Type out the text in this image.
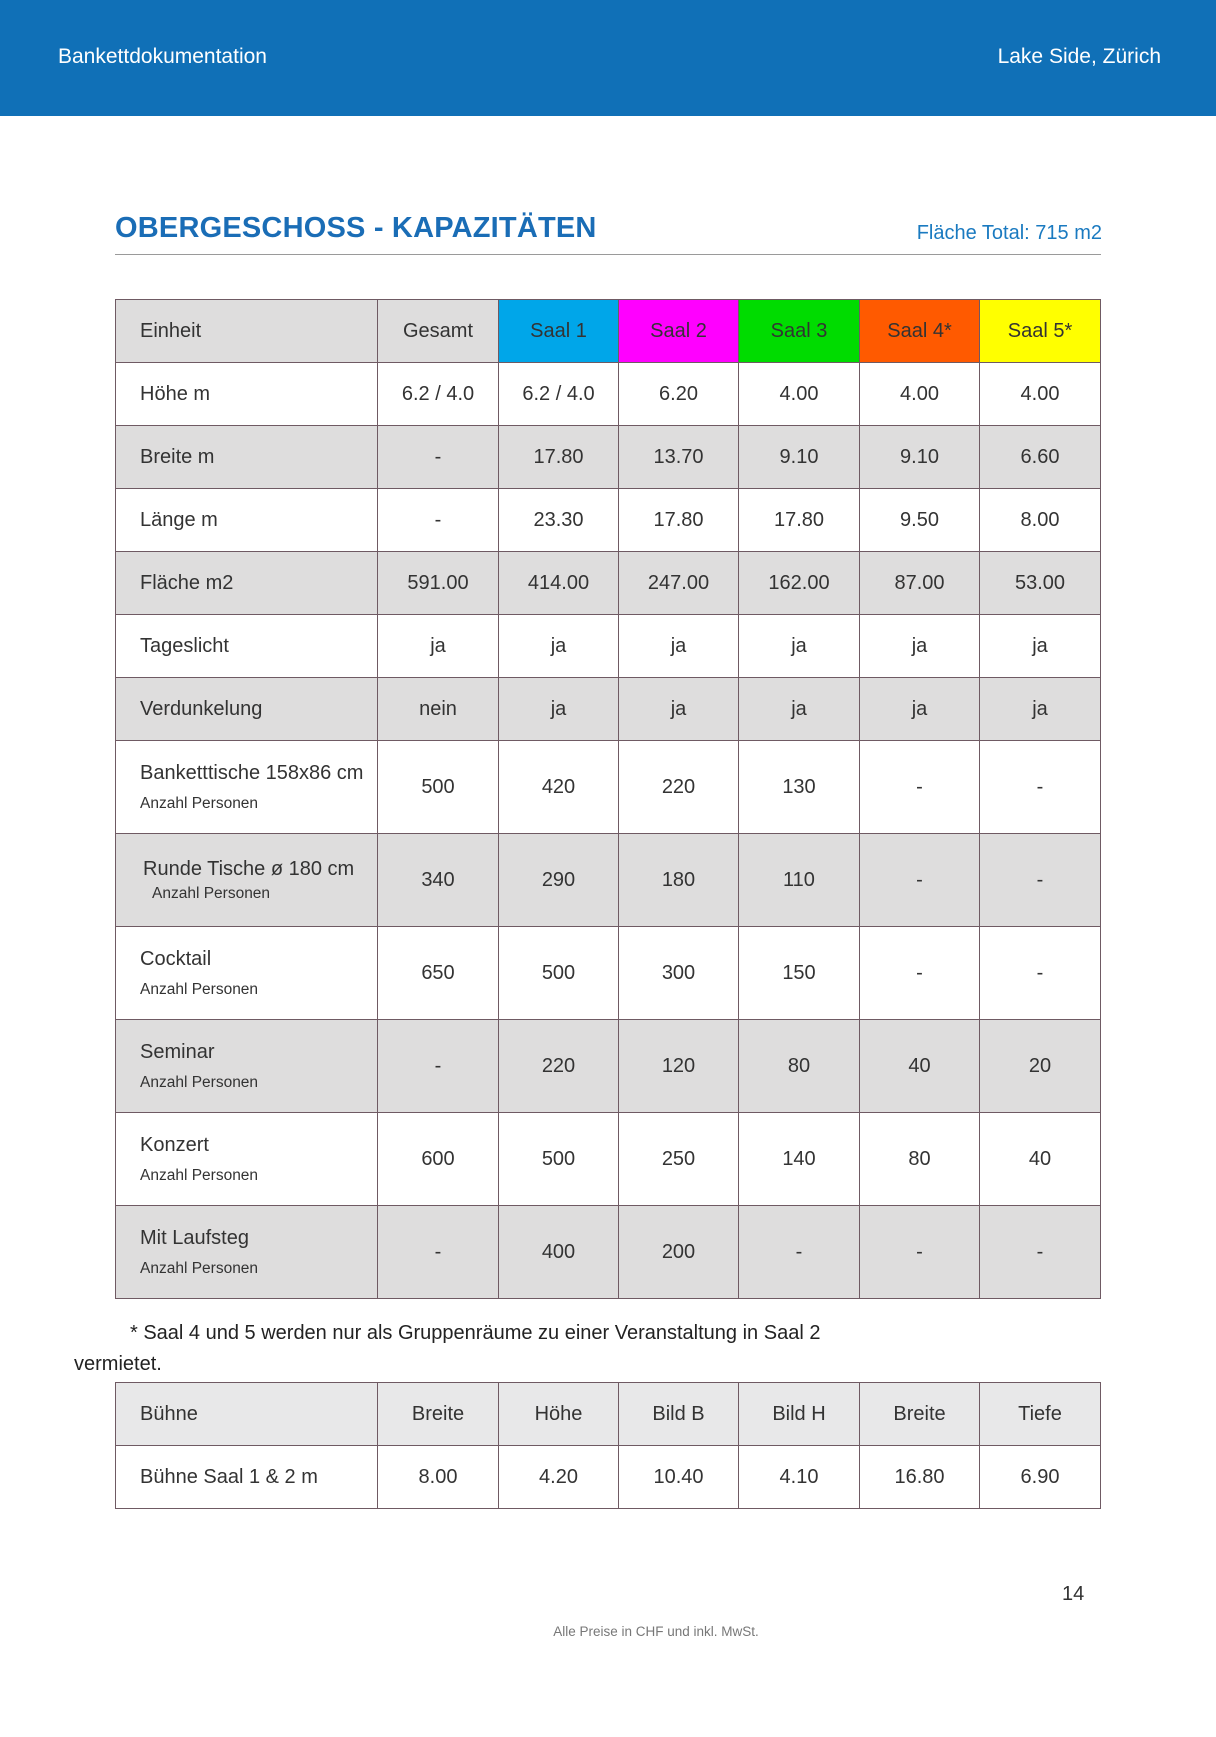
Bankettdokumentation	Lake Side, Zürich
OBERGESCHOSS - KAPAZITÄTEN	Fläche Total: 715 m2
Einheit	Gesamt	Saal 1	Saal 2	Saal 3	Saal 4*	Saal 5*
Höhe m	6.2 / 4.0	6.2 / 4.0	6.20	4.00	4.00	4.00
Breite m	-	17.80	13.70	9.10	9.10	6.60
Länge m	-	23.30	17.80	17.80	9.50	8.00
Fläche m2	591.00	414.00	247.00	162.00	87.00	53.00
Tageslicht	ja	ja	ja	ja	ja	ja
Verdunkelung	nein	ja	ja	ja	ja	ja

Banketttische 158x86 cm
Anzahl Personen	500	420	220	130	-	-

Runde Tische ø 180 cm
Anzahl Personen	340	290	180	110	-	-

Cocktail
Anzahl Personen	650	500	300	150	-	-

Seminar
Anzahl Personen	-	220	120	80	40	20

Konzert
Anzahl Personen	600	500	250	140	80	40

Mit Laufsteg
Anzahl Personen	-	400	200	-	-	-
* Saal 4 und 5 werden nur als Gruppenräume zu einer Veranstaltung in Saal 2 vermietet.
Bühne	Breite	Höhe	Bild B	Bild H	Breite	Tiefe
Bühne Saal 1 & 2 m	8.00	4.20	10.40	4.10	16.80	6.90
14
Alle Preise in CHF und inkl. MwSt.
